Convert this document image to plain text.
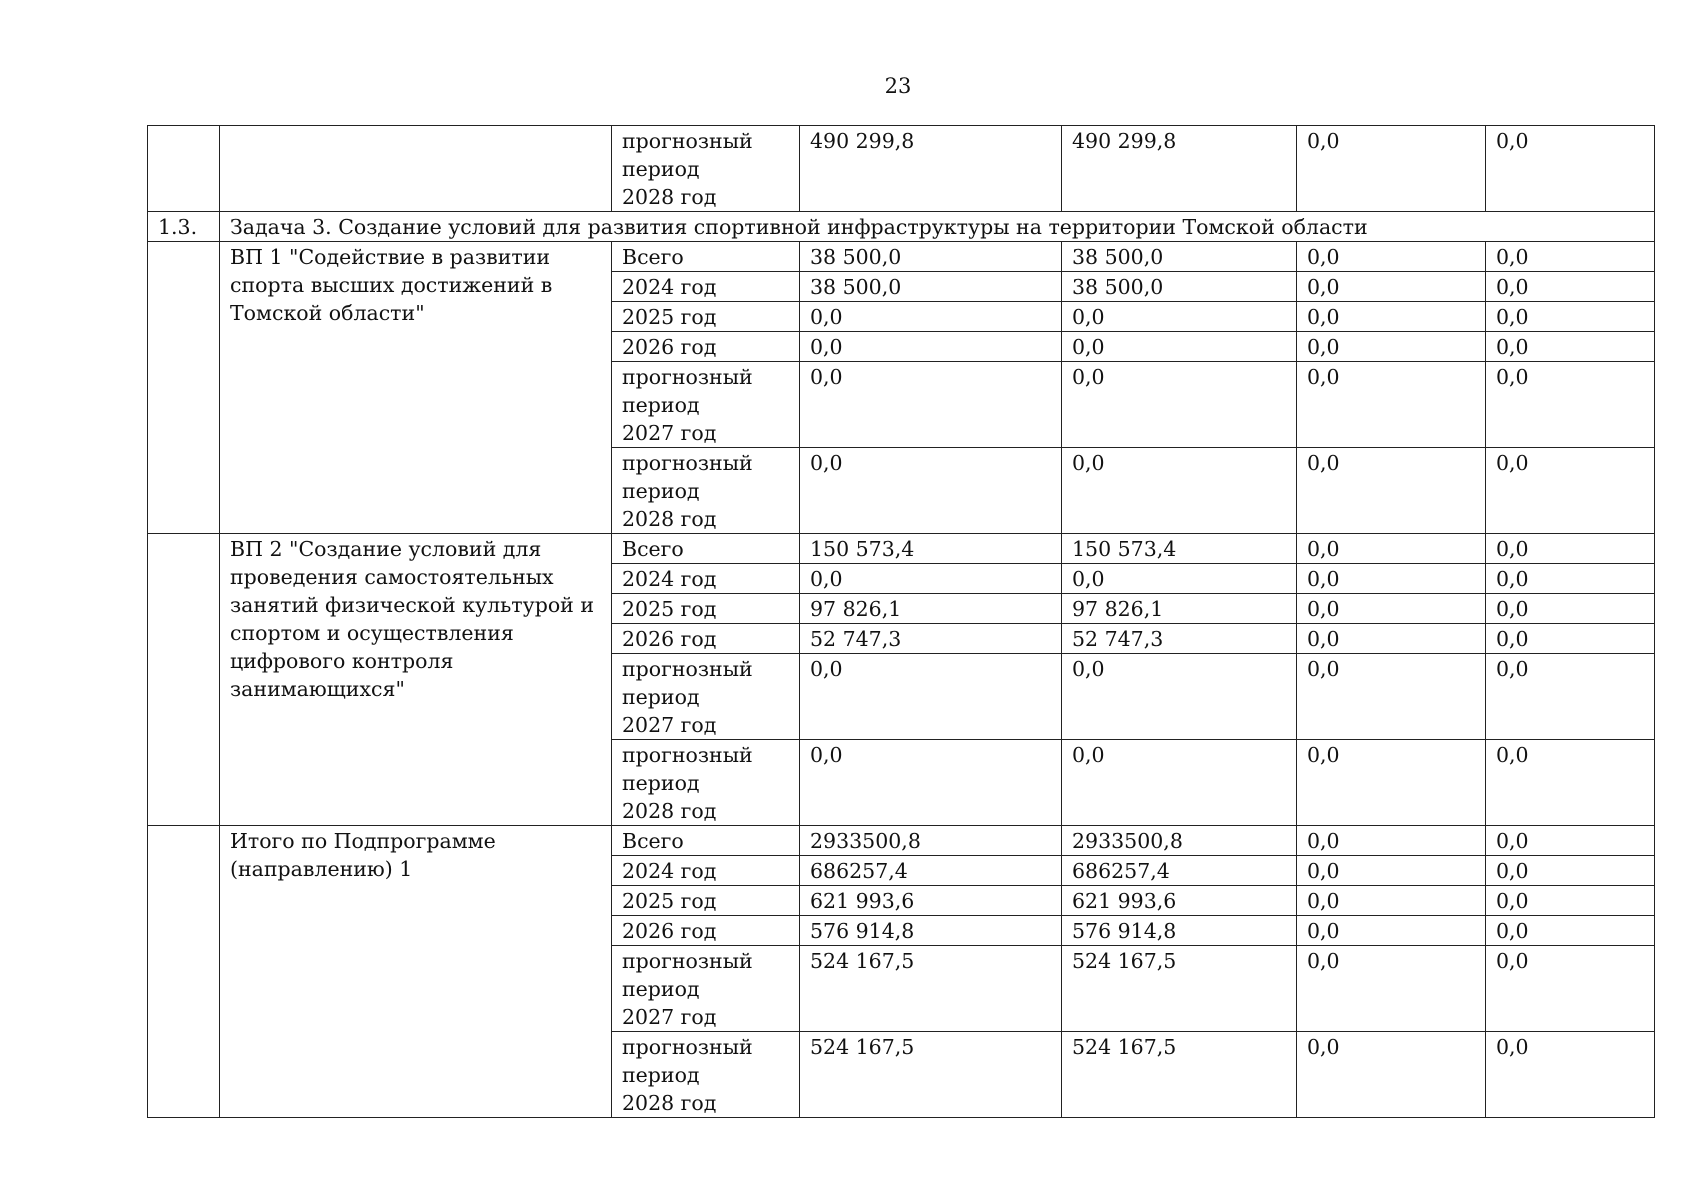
23

		прогнозный
период
2028 год	490 299,8	490 299,8	0,0	0,0
1.3.	Задача 3. Создание условий для развития спортивной инфраструктуры на территории Томской области					
	ВП 1 "Содействие в развитии спорта высших достижений в Томской области"	Всего	38 500,0	38 500,0	0,0	0,0

		2024 год	38 500,0	38 500,0	0,0	0,0

		2025 год	0,0	0,0	0,0	0,0

		2026 год	0,0	0,0	0,0	0,0

		прогнозный
период
2027 год	0,0	0,0	0,0	0,0

		прогнозный
период
2028 год	0,0	0,0	0,0	0,0
	ВП 2 "Создание условий для проведения самостоятельных занятий физической культурой и спортом и осуществления цифрового контроля занимающихся"	Всего	150 573,4	150 573,4	0,0	0,0

		2024 год	0,0	0,0	0,0	0,0

		2025 год	97 826,1	97 826,1	0,0	0,0

		2026 год	52 747,3	52 747,3	0,0	0,0

		прогнозный
период
2027 год	0,0	0,0	0,0	0,0

		прогнозный
период
2028 год	0,0	0,0	0,0	0,0
	Итого по Подпрограмме (направлению) 1	Всего	2933500,8	2933500,8	0,0	0,0

		2024 год	686257,4	686257,4	0,0	0,0

		2025 год	621 993,6	621 993,6	0,0	0,0

		2026 год	576 914,8	576 914,8	0,0	0,0

		прогнозный
период
2027 год	524 167,5	524 167,5	0,0	0,0

		прогнозный
период
2028 год	524 167,5	524 167,5	0,0	0,0
